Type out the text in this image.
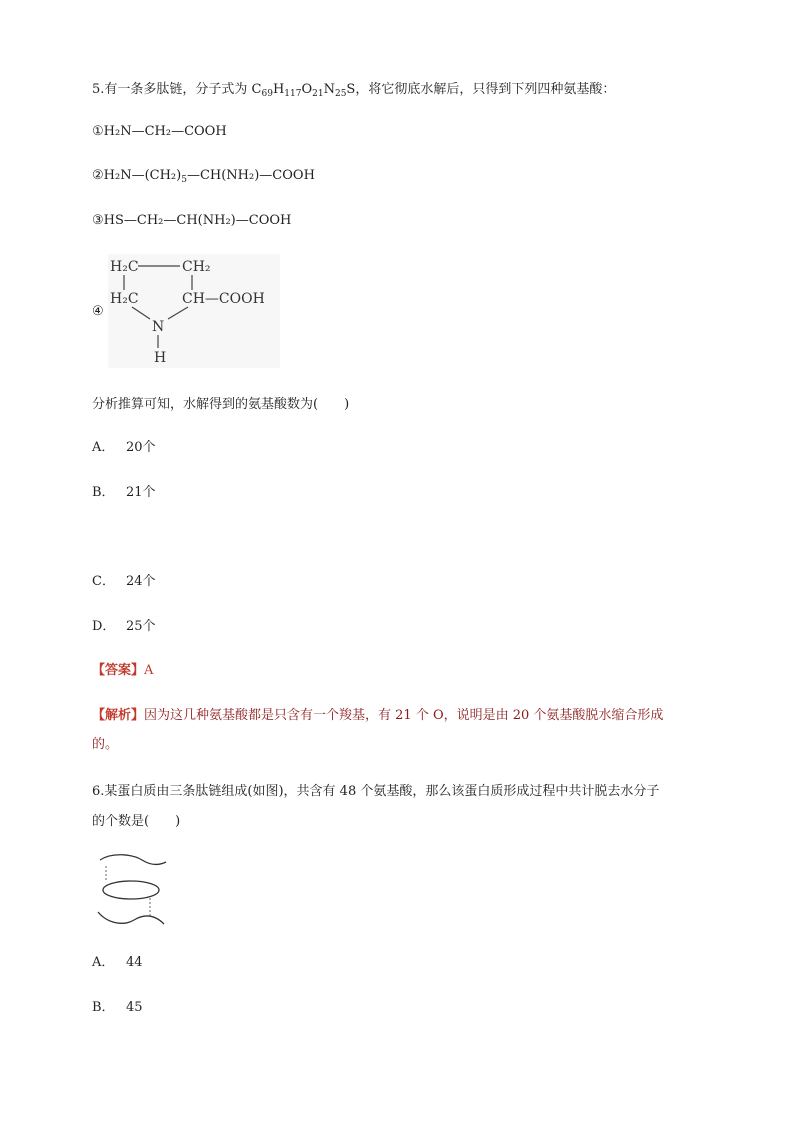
5.有一条多肽链，分子式为 $C_{69}H_{117}O_{21}N_{25}S$，将它彻底水解后，只得到下列四种氨基酸：
①H₂N—CH₂—COOH
$②H_2N—(CH_2)_5—CH(NH_2)—COOH$
③HS—CH₂—CH(NH₂)—COOH
④
H₂C	CH₂
H₂C	CH—COOH
N
H
分析推算可知，水解得到的氨基酸数为(　　)
A． 20个
B． 21个
C． 24个
D． 25个
【答案】A
【解析】因为这几种氨基酸都是只含有一个羧基，有 21 个 O，说明是由 20 个氨基酸脱水缩合形成
的。
6.某蛋白质由三条肽链组成(如图)，共含有 48 个氨基酸，那么该蛋白质形成过程中共计脱去水分子
的个数是(　　)
A． 44
B． 45
